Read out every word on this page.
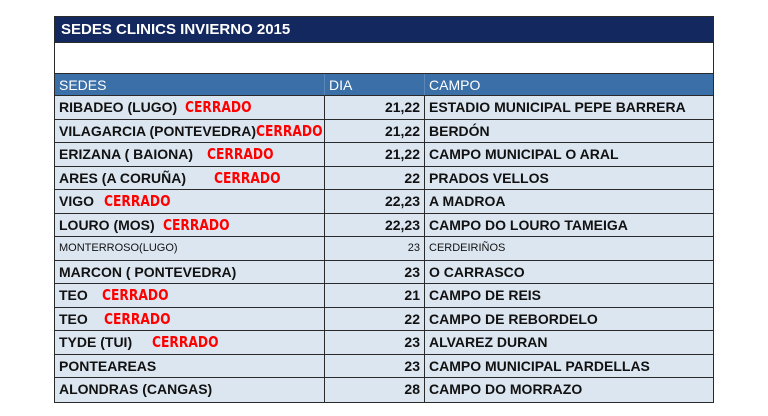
SEDES CLINICS INVIERNO 2015
SEDES	DIA	CAMPO
RIBADEO (LUGO) CERRADO	21,22 ESTADIO MUNICIPAL PEPE BARRERA
VILAGARCIA (PONTEVEDRA)CERRADO	21,22 BERDÓN
ERIZANA ( BAIONA) CERRADO	21,22 CAMPO MUNICIPAL O ARAL
ARES (A CORUÑA) CERRADO	22 PRADOS VELLOS
VIGO CERRADO	22,23 A MADROA
LOURO (MOS) CERRADO	22,23 CAMPO DO LOURO TAMEIGA
MONTERROSO(LUGO)	23 CERDEIRIÑOS
MARCON ( PONTEVEDRA)	23 O CARRASCO
TEO CERRADO	21 CAMPO DE REIS
TEO CERRADO	22 CAMPO DE REBORDELO
TYDE (TUI) CERRADO	23 ALVAREZ DURAN
PONTEAREAS	23 CAMPO MUNICIPAL PARDELLAS
ALONDRAS (CANGAS)	28 CAMPO DO MORRAZO
